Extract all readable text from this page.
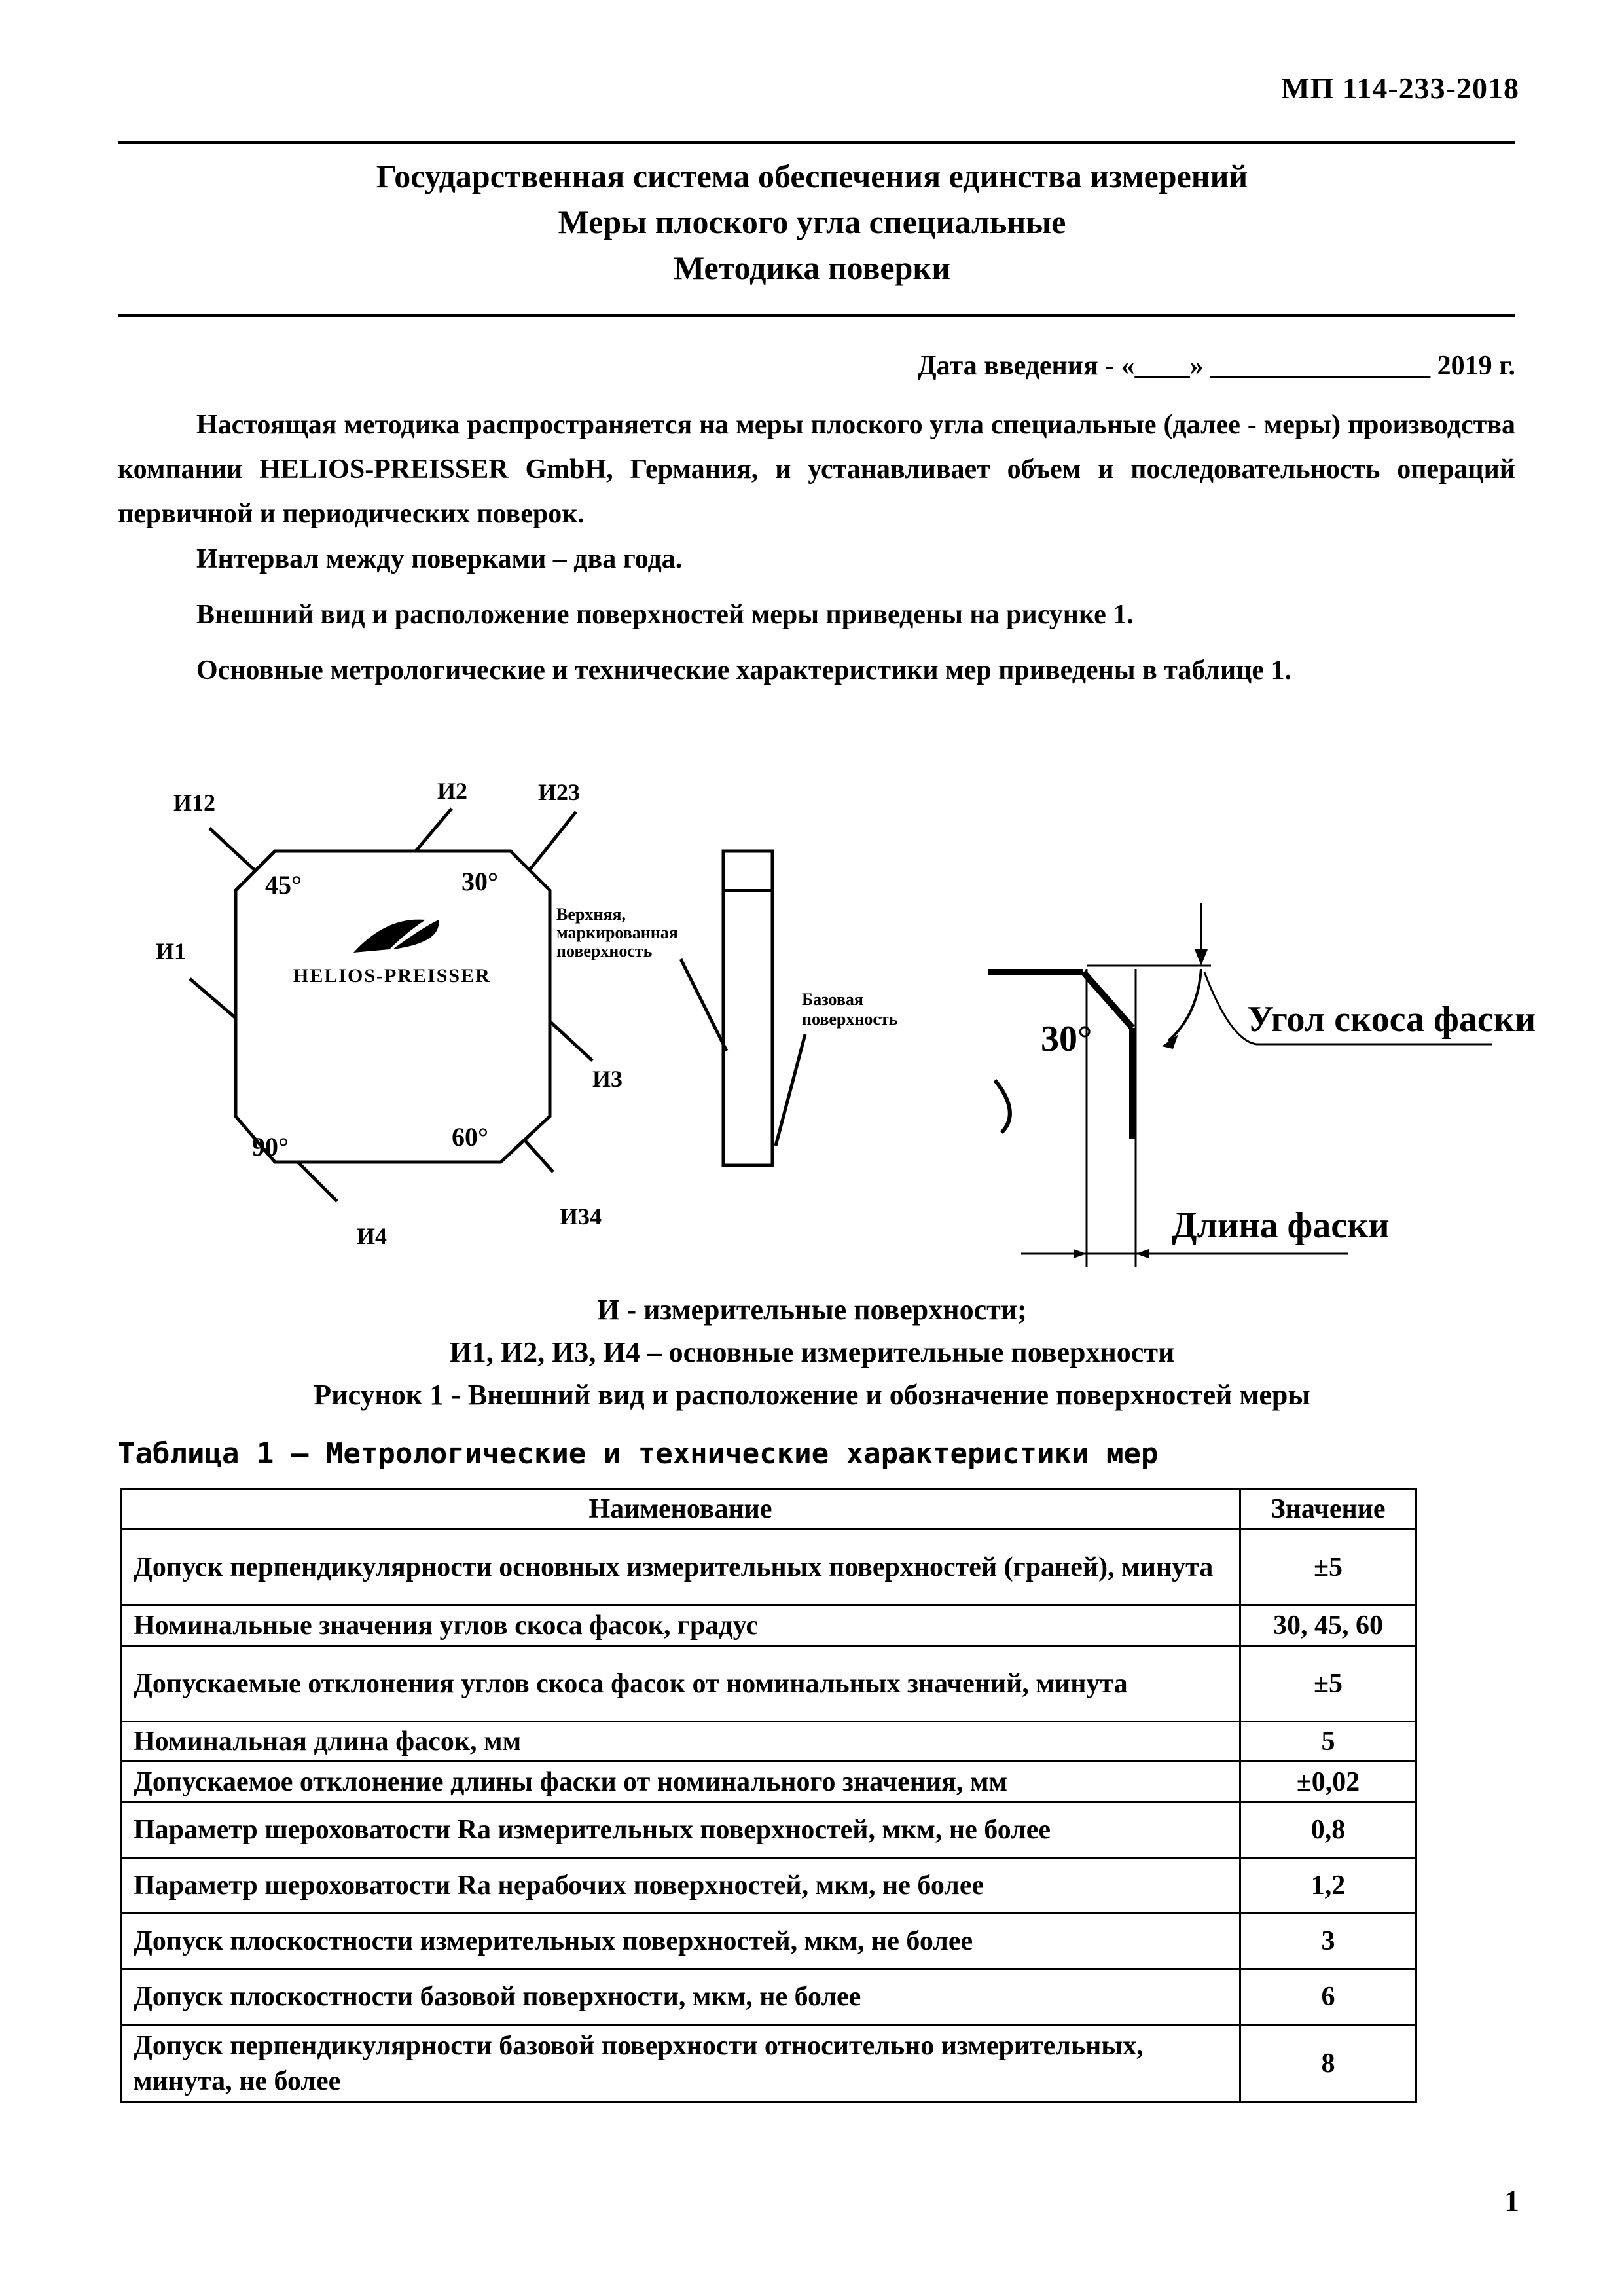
МП 114-233-2018
Государственная система обеспечения единства измерений
Меры плоского угла специальные
Методика поверки
Дата введения - «____» ________________ 2019 г.
Настоящая методика распространяется на меры плоского угла специальные (далее - меры) производства компании HELIOS-PREISSER GmbH, Германия, и устанавливает объем и последовательность операций первичной и периодических поверок.
Интервал между поверками – два года.
Внешний вид и расположение поверхностей меры приведены на рисунке 1.
Основные метрологические и технические характеристики мер приведены в таблице 1.
И12	И2	И23
И1
И3
И4
И34
45°	30°
90°	60°
HELIOS-PREISSER
Верхняя,
маркированная
поверхность
Базовая
поверхность	30°	Угол скоса фаски
Длина фаски
И - измерительные поверхности;
И1, И2, И3, И4 – основные измерительные поверхности
Рисунок 1 - Внешний вид и расположение и обозначение поверхностей меры
Таблица 1 – Метрологические и технические характеристики мер
Наименование	Значение
Допуск перпендикулярности основных измерительных поверхностей (граней), минута	±5
Номинальные значения углов скоса фасок, градус	30, 45, 60
Допускаемые отклонения углов скоса фасок от номинальных значений, минута	±5
Номинальная длина фасок, мм	5
Допускаемое отклонение длины фаски от номинального значения, мм	±0,02
Параметр шероховатости Ra измерительных поверхностей, мкм, не более	0,8
Параметр шероховатости Ra нерабочих поверхностей, мкм, не более	1,2
Допуск плоскостности измерительных поверхностей, мкм, не более	3
Допуск плоскостности базовой поверхности, мкм, не более	6
Допуск перпендикулярности базовой поверхности относительно измерительных, минута, не более	8
1
